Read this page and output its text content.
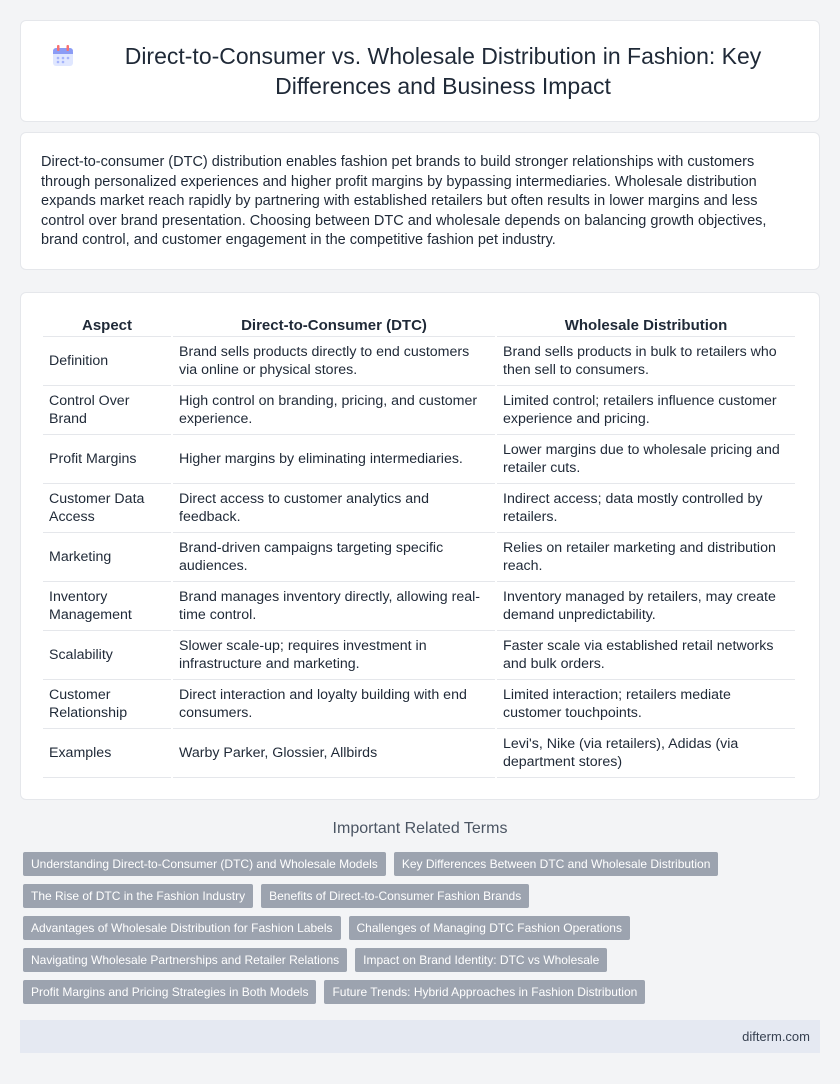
Direct-to-Consumer vs. Wholesale Distribution in Fashion: Key Differences and Business Impact

Direct-to-consumer (DTC) distribution enables fashion pet brands to build stronger relationships with customers through personalized experiences and higher profit margins by bypassing intermediaries. Wholesale distribution expands market reach rapidly by partnering with established retailers but often results in lower margins and less control over brand presentation. Choosing between DTC and wholesale depends on balancing growth objectives, brand control, and customer engagement in the competitive fashion pet industry.

Aspect	Direct-to-Consumer (DTC)	Wholesale Distribution
Definition	Brand sells products directly to end customers via online or physical stores.	Brand sells products in bulk to retailers who then sell to consumers.
Control Over Brand	High control on branding, pricing, and customer experience.	Limited control; retailers influence customer experience and pricing.
Profit Margins	Higher margins by eliminating intermediaries.	Lower margins due to wholesale pricing and retailer cuts.
Customer Data Access	Direct access to customer analytics and feedback.	Indirect access; data mostly controlled by retailers.
Marketing	Brand-driven campaigns targeting specific audiences.	Relies on retailer marketing and distribution reach.
Inventory Management	Brand manages inventory directly, allowing real-time control.	Inventory managed by retailers, may create demand unpredictability.
Scalability	Slower scale-up; requires investment in infrastructure and marketing.	Faster scale via established retail networks and bulk orders.
Customer Relationship	Direct interaction and loyalty building with end consumers.	Limited interaction; retailers mediate customer touchpoints.
Examples	Warby Parker, Glossier, Allbirds	Levi's, Nike (via retailers), Adidas (via department stores)
Important Related Terms
Understanding Direct-to-Consumer (DTC) and Wholesale Models	Key Differences Between DTC and Wholesale Distribution
The Rise of DTC in the Fashion Industry	Benefits of Direct-to-Consumer Fashion Brands
Advantages of Wholesale Distribution for Fashion Labels	Challenges of Managing DTC Fashion Operations
Navigating Wholesale Partnerships and Retailer Relations	Impact on Brand Identity: DTC vs Wholesale
Profit Margins and Pricing Strategies in Both Models	Future Trends: Hybrid Approaches in Fashion Distribution
difterm.com
